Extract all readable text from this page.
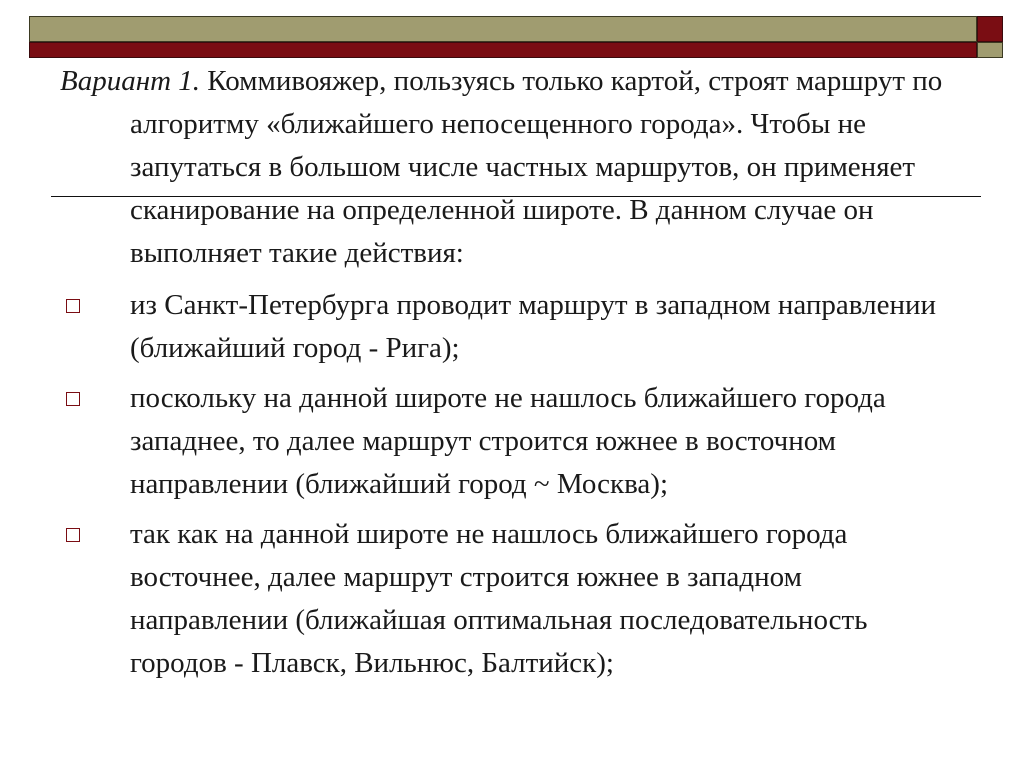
Вариант 1. Коммивояжер, пользуясь только картой, строят маршрут по алгоритму «ближайшего непосещенного города». Чтобы не запутаться в большом числе частных маршрутов, он применяет сканирование на определенной широте. В данном случае он выполняет такие действия:

из Санкт-Петербурга проводит маршрут в западном направлении (ближайший город - Рига);
поскольку на данной широте не нашлось ближайшего города западнее, то далее маршрут строится южнее в восточном направлении (ближайший город ~ Москва);
так как на данной широте не нашлось ближайшего города восточнее, далее маршрут строится южнее в западном направлении (ближайшая оптимальная последовательность городов - Плавск, Вильнюс, Балтийск);
